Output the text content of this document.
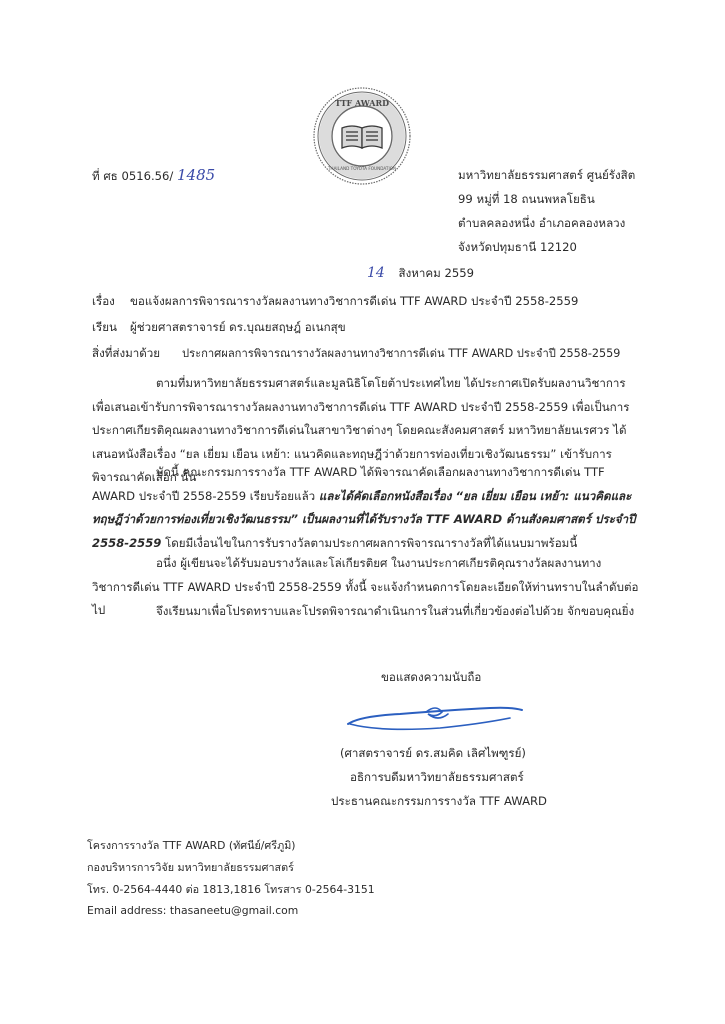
TTF AWARD
THAILAND TOYOTA FOUNDATION
ที่ ศธ 0516.56/ 1485	มหาวิทยาลัยธรรมศาสตร์ ศูนย์รังสิต
99 หมู่ที่ 18 ถนนพหลโยธิน
ตำบลคลองหนึ่ง อำเภอคลองหลวง
จังหวัดปทุมธานี 12120
14 สิงหาคม 2559
เรื่อง ขอแจ้งผลการพิจารณารางวัลผลงานทางวิชาการดีเด่น TTF AWARD ประจำปี 2558-2559
เรียน ผู้ช่วยศาสตราจารย์ ดร.บุณยสฤษฎ์ อเนกสุข
สิ่งที่ส่งมาด้วย ประกาศผลการพิจารณารางวัลผลงานทางวิชาการดีเด่น TTF AWARD ประจำปี 2558-2559
ตามที่มหาวิทยาลัยธรรมศาสตร์และมูลนิธิโตโยต้าประเทศไทย ได้ประกาศเปิดรับผลงานวิชาการเพื่อเสนอเข้ารับการพิจารณารางวัลผลงานทางวิชาการดีเด่น TTF AWARD ประจำปี 2558-2559 เพื่อเป็นการประกาศเกียรติคุณผลงานทางวิชาการดีเด่นในสาขาวิชาต่างๆ โดยคณะสังคมศาสตร์ มหาวิทยาลัยนเรศวร ได้เสนอหนังสือเรื่อง “ยล เยี่ยม เยือน เหย้า: แนวคิดและทฤษฎีว่าด้วยการท่องเที่ยวเชิงวัฒนธรรม” เข้ารับการพิจารณาคัดเลือก นั้น
บัดนี้ คณะกรรมการรางวัล TTF AWARD ได้พิจารณาคัดเลือกผลงานทางวิชาการดีเด่น TTF AWARD ประจำปี 2558-2559 เรียบร้อยแล้ว และได้คัดเลือกหนังสือเรื่อง “ยล เยี่ยม เยือน เหย้า: แนวคิดและทฤษฎีว่าด้วยการท่องเที่ยวเชิงวัฒนธรรม” เป็นผลงานที่ได้รับรางวัล TTF AWARD ด้านสังคมศาสตร์ ประจำปี 2558-2559 โดยมีเงื่อนไขในการรับรางวัลตามประกาศผลการพิจารณารางวัลที่ได้แนบมาพร้อมนี้
อนึ่ง ผู้เขียนจะได้รับมอบรางวัลและโล่เกียรติยศ ในงานประกาศเกียรติคุณรางวัลผลงานทางวิชาการดีเด่น TTF AWARD ประจำปี 2558-2559 ทั้งนี้ จะแจ้งกำหนดการโดยละเอียดให้ท่านทราบในลำดับต่อไป	จึงเรียนมาเพื่อโปรดทราบและโปรดพิจารณาดำเนินการในส่วนที่เกี่ยวข้องต่อไปด้วย จักขอบคุณยิ่ง
ขอแสดงความนับถือ
(ศาสตราจารย์ ดร.สมคิด เลิศไพฑูรย์)
อธิการบดีมหาวิทยาลัยธรรมศาสตร์
ประธานคณะกรรมการรางวัล TTF AWARD
โครงการรางวัล TTF AWARD (ทัศนีย์/ศรีภูมิ)
กองบริหารการวิจัย มหาวิทยาลัยธรรมศาสตร์
โทร. 0-2564-4440 ต่อ 1813,1816 โทรสาร 0-2564-3151
Email address: thasaneetu@gmail.com
